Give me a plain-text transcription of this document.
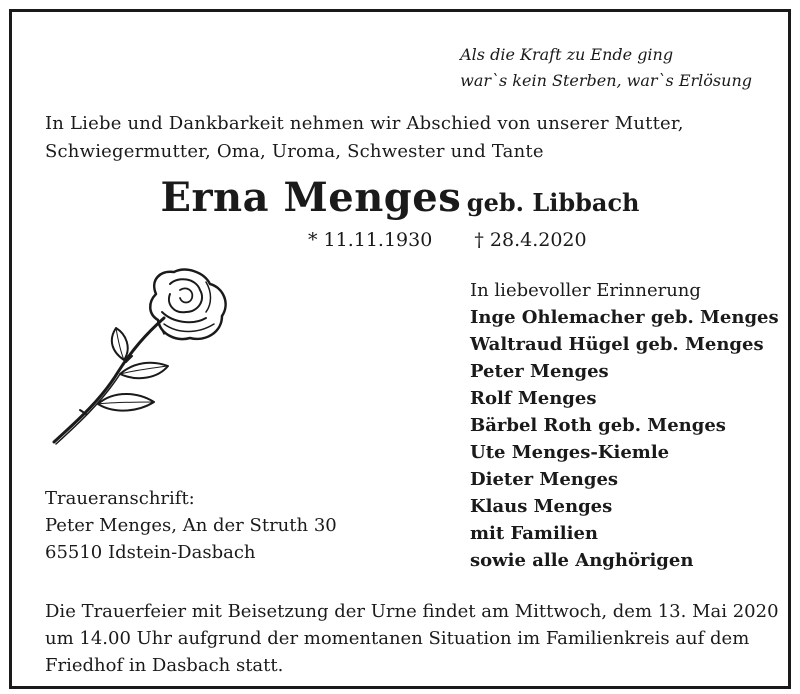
Als die Kraft zu Ende ging
war`s kein Sterben, war`s Erlösung
In Liebe und Dankbarkeit nehmen wir Abschied von unserer Mutter,
Schwiegermutter, Oma, Uroma, Schwester und Tante
Erna Menges geb. Libbach
* 11.11.1930 † 28.4.2020
In liebevoller Erinnerung
Inge Ohlemacher geb. Menges
Waltraud Hügel geb. Menges
Peter Menges
Rolf Menges
Bärbel Roth geb. Menges
Ute Menges-Kiemle
Dieter Menges
Klaus Menges
mit Familien
sowie alle Anghörigen
Traueranschrift:
Peter Menges, An der Struth 30
65510 Idstein-Dasbach
Die Trauerfeier mit Beisetzung der Urne findet am Mittwoch, dem 13. Mai 2020
um 14.00 Uhr aufgrund der momentanen Situation im Familienkreis auf dem
Friedhof in Dasbach statt.
